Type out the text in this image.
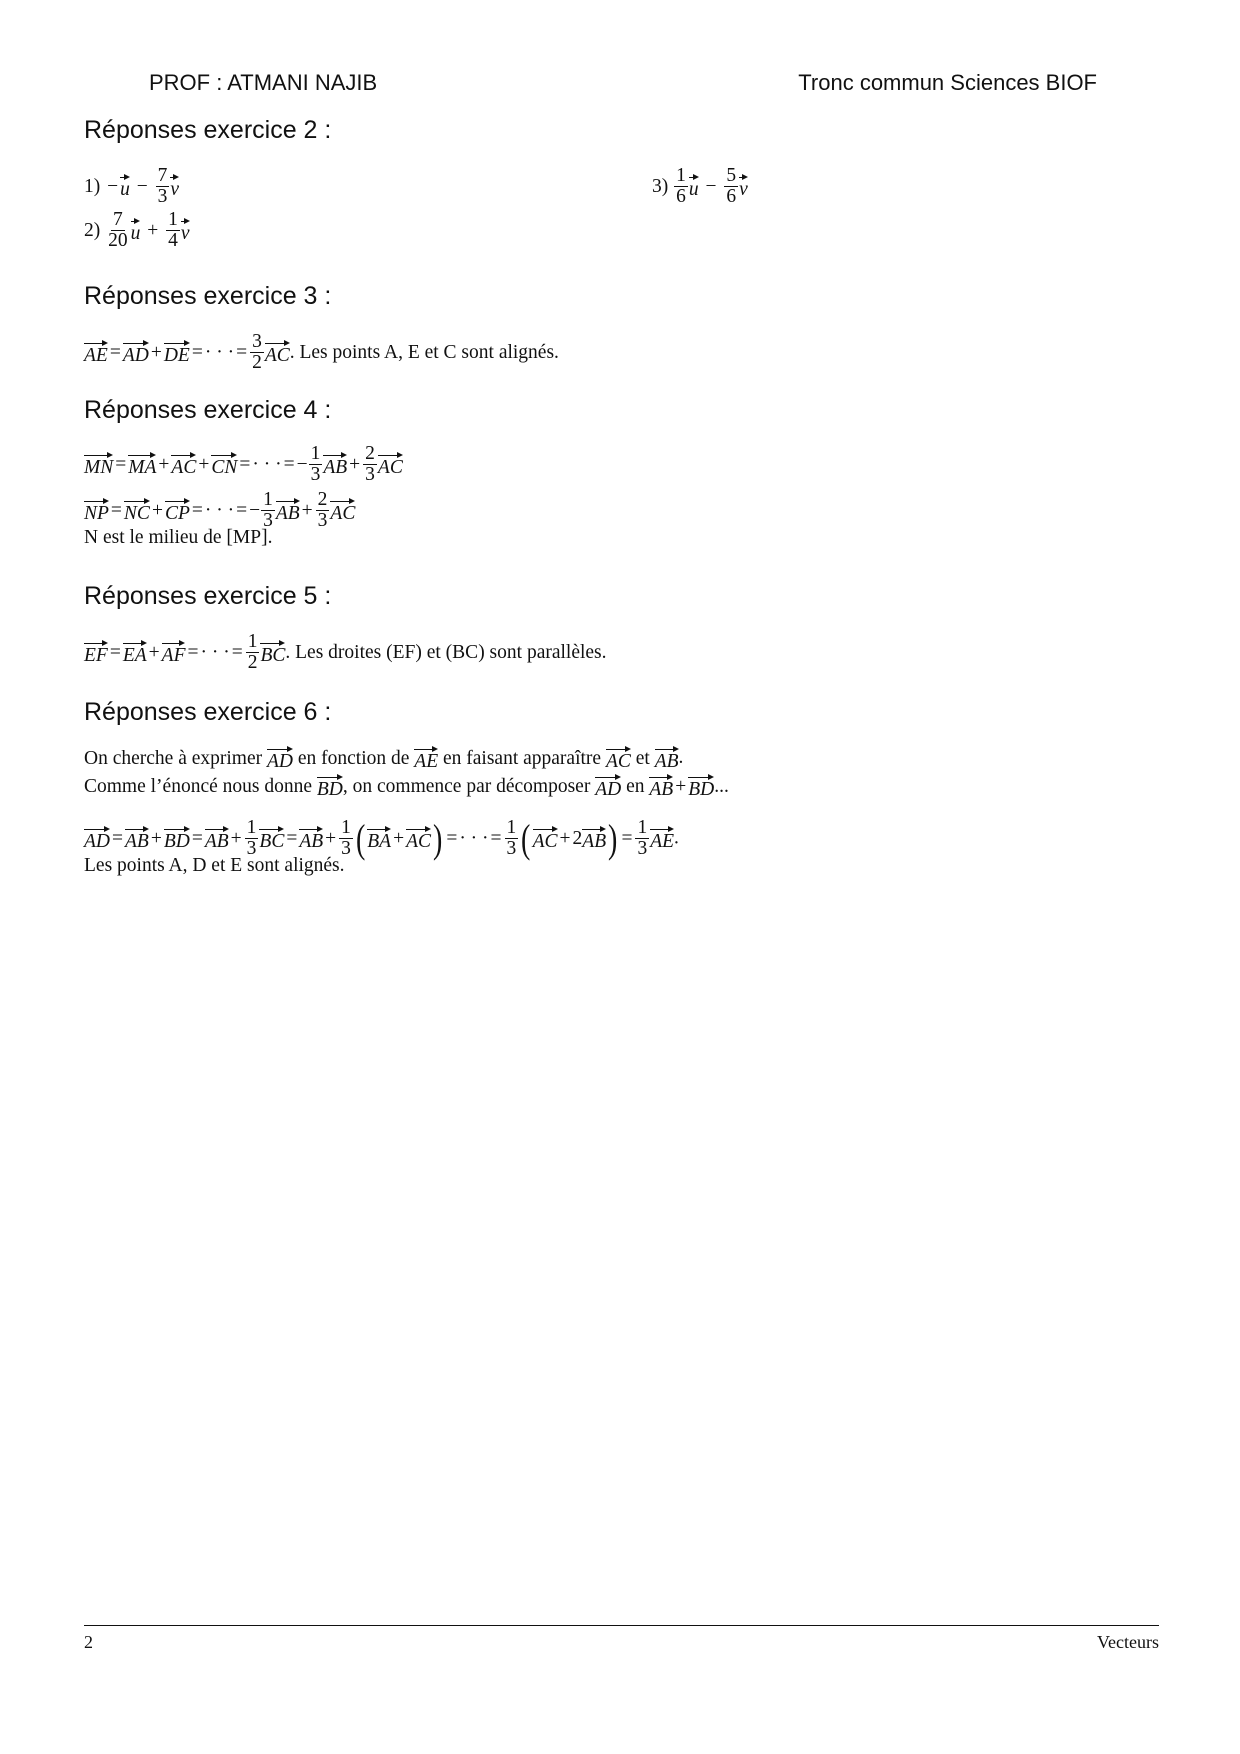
PROF : ATMANI NAJIB	Tronc commun Sciences BIOF
Réponses exercice 2 :
$1) - u - \frac{7}{3}$ v
$2) \frac{7}{20}$ $u + \frac{1}{4}$ v
$3) \frac{1}{6}$ $u - \frac{5}{6}$ v
Réponses exercice 3 :
AE = AD + DE = · · · = $\frac{3}{2}$ AC. Les points A, E et C sont alignés.
Réponses exercice 4 :
MN = MA + AC + CN = · · · = − $\frac{1}{3}$ AB + $\frac{2}{3}$ AC
NP = NC + CP = · · · = − $\frac{1}{3}$ AB + $\frac{2}{3}$ AC
N est le milieu de [MP].
Réponses exercice 5 :
EF = EA + AF = · · · = $\frac{1}{2}$ BC. Les droites (EF) et (BC) sont parallèles.
Réponses exercice 6 :
On cherche à exprimer AD en fonction de AE en faisant apparaître AC et AB.
Comme l’énoncé nous donne BD, on commence par décomposer AD en AB + BD...
AD = AB + BD = AB + $\frac{1}{3}$ BC = AB + $\frac{1}{3}$ ( BA + AC) = · · · = $\frac{1}{3}$ ( AC + $2AB) = \frac{1}{3}$ AE.
Les points A, D et E sont alignés.
2	Vecteurs
